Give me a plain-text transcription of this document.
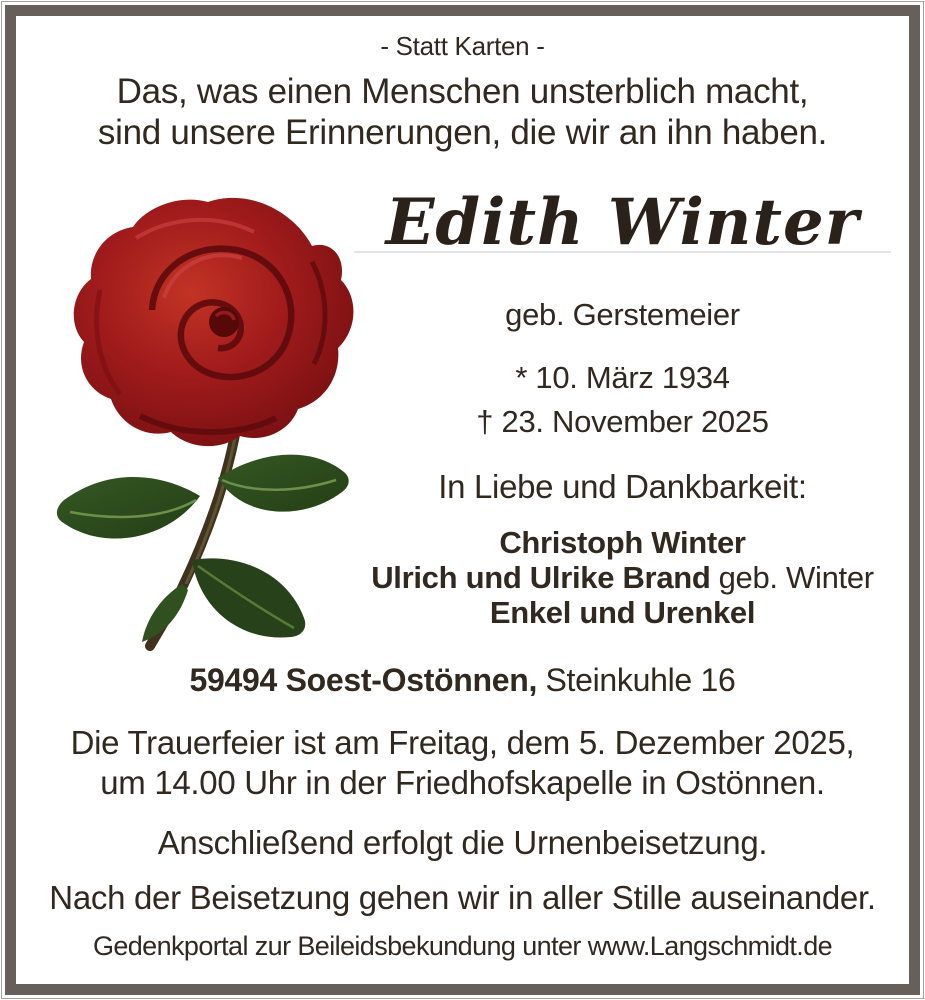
- Statt Karten -
Das, was einen Menschen unsterblich macht,
sind unsere Erinnerungen, die wir an ihn haben.
Edith Winter
geb. Gerstemeier
* 10. März 1934
† 23. November 2025
In Liebe und Dankbarkeit:
Christoph Winter
Ulrich und Ulrike Brand geb. Winter
Enkel und Urenkel
59494 Soest-Ostönnen, Steinkuhle 16
Die Trauerfeier ist am Freitag, dem 5. Dezember 2025,
um 14.00 Uhr in der Friedhofskapelle in Ostönnen.
Anschließend erfolgt die Urnenbeisetzung.
Nach der Beisetzung gehen wir in aller Stille auseinander.
Gedenkportal zur Beileidsbekundung unter www.Langschmidt.de
